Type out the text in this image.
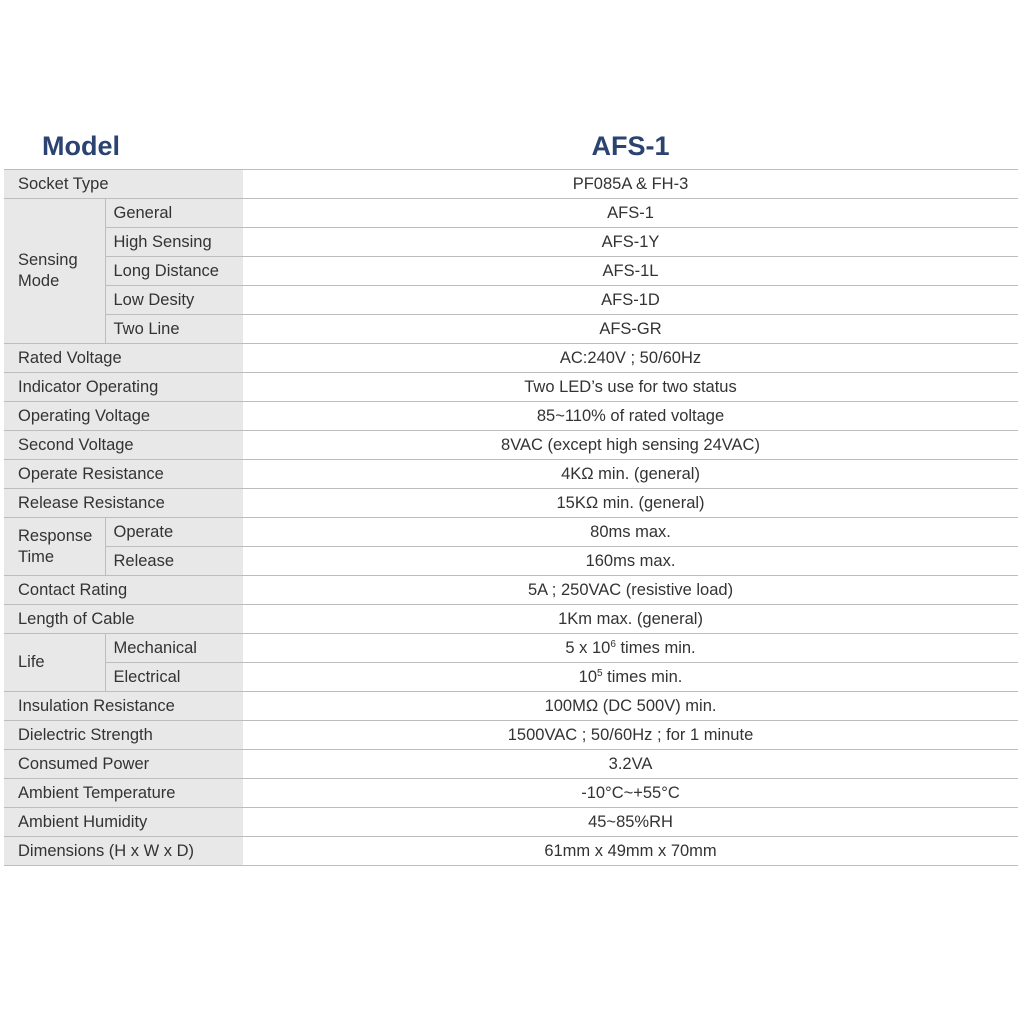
Model	AFS-1
Socket Type		PF085A & FH-3
Sensing Mode	General	AFS-1
	High Sensing	AFS-1Y
	Long Distance	AFS-1L
	Low Desity	AFS-1D
	Two Line	AFS-GR
Rated Voltage		AC:240V ; 50/60Hz
Indicator Operating		Two LED’s use for two status
Operating Voltage		85~110% of rated voltage
Second Voltage		8VAC (except high sensing 24VAC)
Operate Resistance		4KΩ min. (general)
Release Resistance		15KΩ min. (general)
Response Time	Operate	80ms max.
	Release	160ms max.
Contact Rating		5A ; 250VAC (resistive load)
Length of Cable		1Km max. (general)
Life	Mechanical	5 x $10^6$ times min.
	Electrical	$10^5$ times min.
Insulation Resistance		100MΩ (DC 500V) min.
Dielectric Strength		1500VAC ; 50/60Hz ; for 1 minute
Consumed Power		3.2VA
Ambient Temperature		-10°C~+55°C
Ambient Humidity		45~85%RH
Dimensions (H x W x D)		61mm x 49mm x 70mm
